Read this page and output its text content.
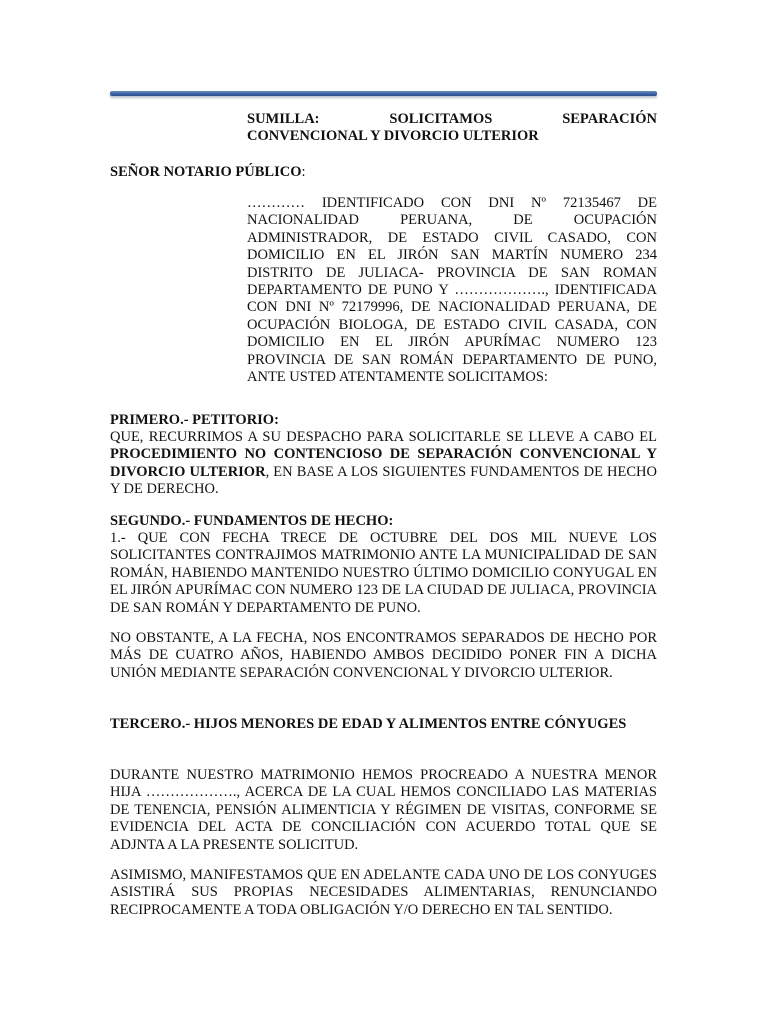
SUMILLA: SOLICITAMOS SEPARACIÓN
CONVENCIONAL Y DIVORCIO ULTERIOR

SEÑOR NOTARIO PÚBLICO:

………… IDENTIFICADO CON DNI Nº 72135467 DE NACIONALIDAD PERUANA, DE OCUPACIÓN ADMINISTRADOR, DE ESTADO CIVIL CASADO, CON DOMICILIO EN EL JIRÓN SAN MARTÍN NUMERO 234 DISTRITO DE JULIACA- PROVINCIA DE SAN ROMAN DEPARTAMENTO DE PUNO Y ………………., IDENTIFICADA CON DNI Nº 72179996, DE NACIONALIDAD PERUANA, DE OCUPACIÓN BIOLOGA, DE ESTADO CIVIL CASADA, CON DOMICILIO EN EL JIRÓN APURÍMAC NUMERO 123 PROVINCIA DE SAN ROMÁN DEPARTAMENTO DE PUNO, ANTE USTED ATENTAMENTE SOLICITAMOS:

PRIMERO.- PETITORIO:

QUE, RECURRIMOS A SU DESPACHO PARA SOLICITARLE SE LLEVE A CABO EL PROCEDIMIENTO NO CONTENCIOSO DE SEPARACIÓN CONVENCIONAL Y DIVORCIO ULTERIOR, EN BASE A LOS SIGUIENTES FUNDAMENTOS DE HECHO Y DE DERECHO.

SEGUNDO.- FUNDAMENTOS DE HECHO:

1.- QUE CON FECHA TRECE DE OCTUBRE DEL DOS MIL NUEVE LOS SOLICITANTES CONTRAJIMOS MATRIMONIO ANTE LA MUNICIPALIDAD DE SAN ROMÁN, HABIENDO MANTENIDO NUESTRO ÚLTIMO DOMICILIO CONYUGAL EN EL JIRÓN APURÍMAC CON NUMERO 123 DE LA CIUDAD DE JULIACA, PROVINCIA DE SAN ROMÁN Y DEPARTAMENTO DE PUNO.

NO OBSTANTE, A LA FECHA, NOS ENCONTRAMOS SEPARADOS DE HECHO POR MÁS DE CUATRO AÑOS, HABIENDO AMBOS DECIDIDO PONER FIN A DICHA UNIÓN MEDIANTE SEPARACIÓN CONVENCIONAL Y DIVORCIO ULTERIOR.

TERCERO.- HIJOS MENORES DE EDAD Y ALIMENTOS ENTRE CÓNYUGES

DURANTE NUESTRO MATRIMONIO HEMOS PROCREADO A NUESTRA MENOR HIJA ………………., ACERCA DE LA CUAL HEMOS CONCILIADO LAS MATERIAS DE TENENCIA, PENSIÓN ALIMENTICIA Y RÉGIMEN DE VISITAS, CONFORME SE EVIDENCIA DEL ACTA DE CONCILIACIÓN CON ACUERDO TOTAL QUE SE ADJNTA A LA PRESENTE SOLICITUD.

ASIMISMO, MANIFESTAMOS QUE EN ADELANTE CADA UNO DE LOS CONYUGES ASISTIRÁ SUS PROPIAS NECESIDADES ALIMENTARIAS, RENUNCIANDO RECIPROCAMENTE A TODA OBLIGACIÓN Y/O DERECHO EN TAL SENTIDO.
